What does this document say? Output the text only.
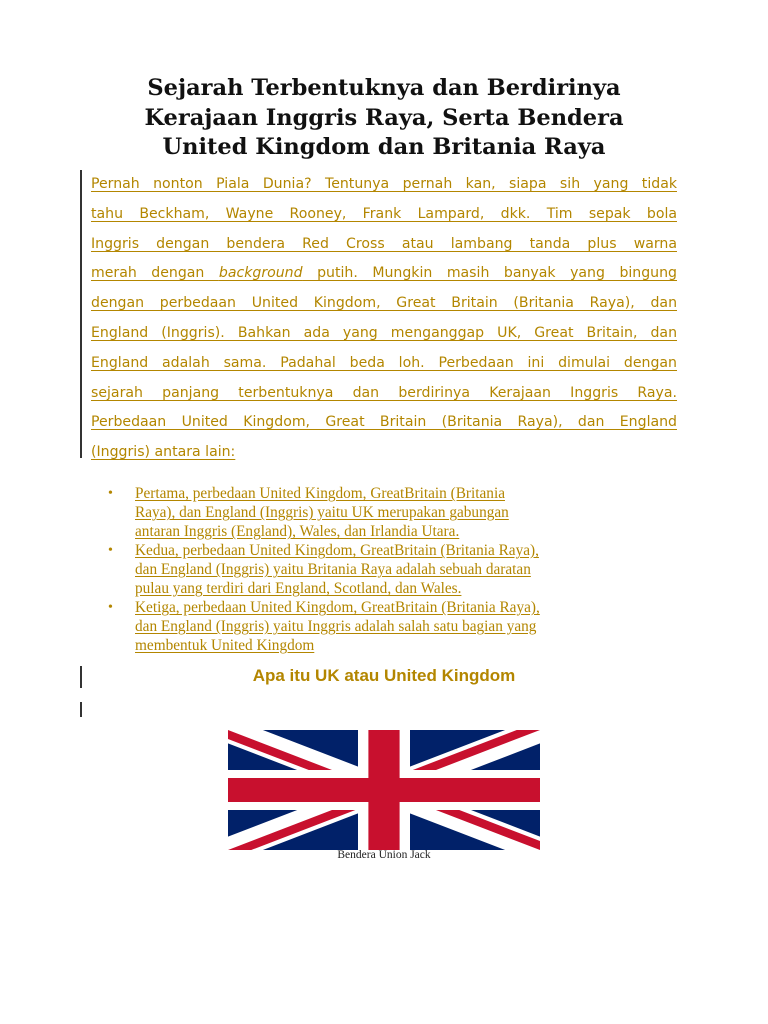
Sejarah Terbentuknya dan Berdirinya
Kerajaan Inggris Raya, Serta Bendera
United Kingdom dan Britania Raya
Pernah nonton Piala Dunia? Tentunya pernah kan, siapa sih yang tidak
tahu Beckham, Wayne Rooney, Frank Lampard, dkk. Tim sepak bola
Inggris dengan bendera Red Cross atau lambang tanda plus warna
merah dengan background putih. Mungkin masih banyak yang bingung
dengan perbedaan United Kingdom, Great Britain (Britania Raya), dan
England (Inggris). Bahkan ada yang menganggap UK, Great Britain, dan
England adalah sama. Padahal beda loh. Perbedaan ini dimulai dengan
sejarah panjang terbentuknya dan berdirinya Kerajaan Inggris Raya.
Perbedaan United Kingdom, Great Britain (Britania Raya), dan England
(Inggris) antara lain:
• Pertama, perbedaan United Kingdom, GreatBritain (Britania
Raya), dan England (Inggris) yaitu UK merupakan gabungan
antaran Inggris (England), Wales, dan Irlandia Utara.
• Kedua, perbedaan United Kingdom, GreatBritain (Britania Raya),
dan England (Inggris) yaitu Britania Raya adalah sebuah daratan
pulau yang terdiri dari England, Scotland, dan Wales.
• Ketiga, perbedaan United Kingdom, GreatBritain (Britania Raya),
dan England (Inggris) yaitu Inggris adalah salah satu bagian yang
membentuk United Kingdom
Apa itu UK atau United Kingdom
Bendera Union Jack
